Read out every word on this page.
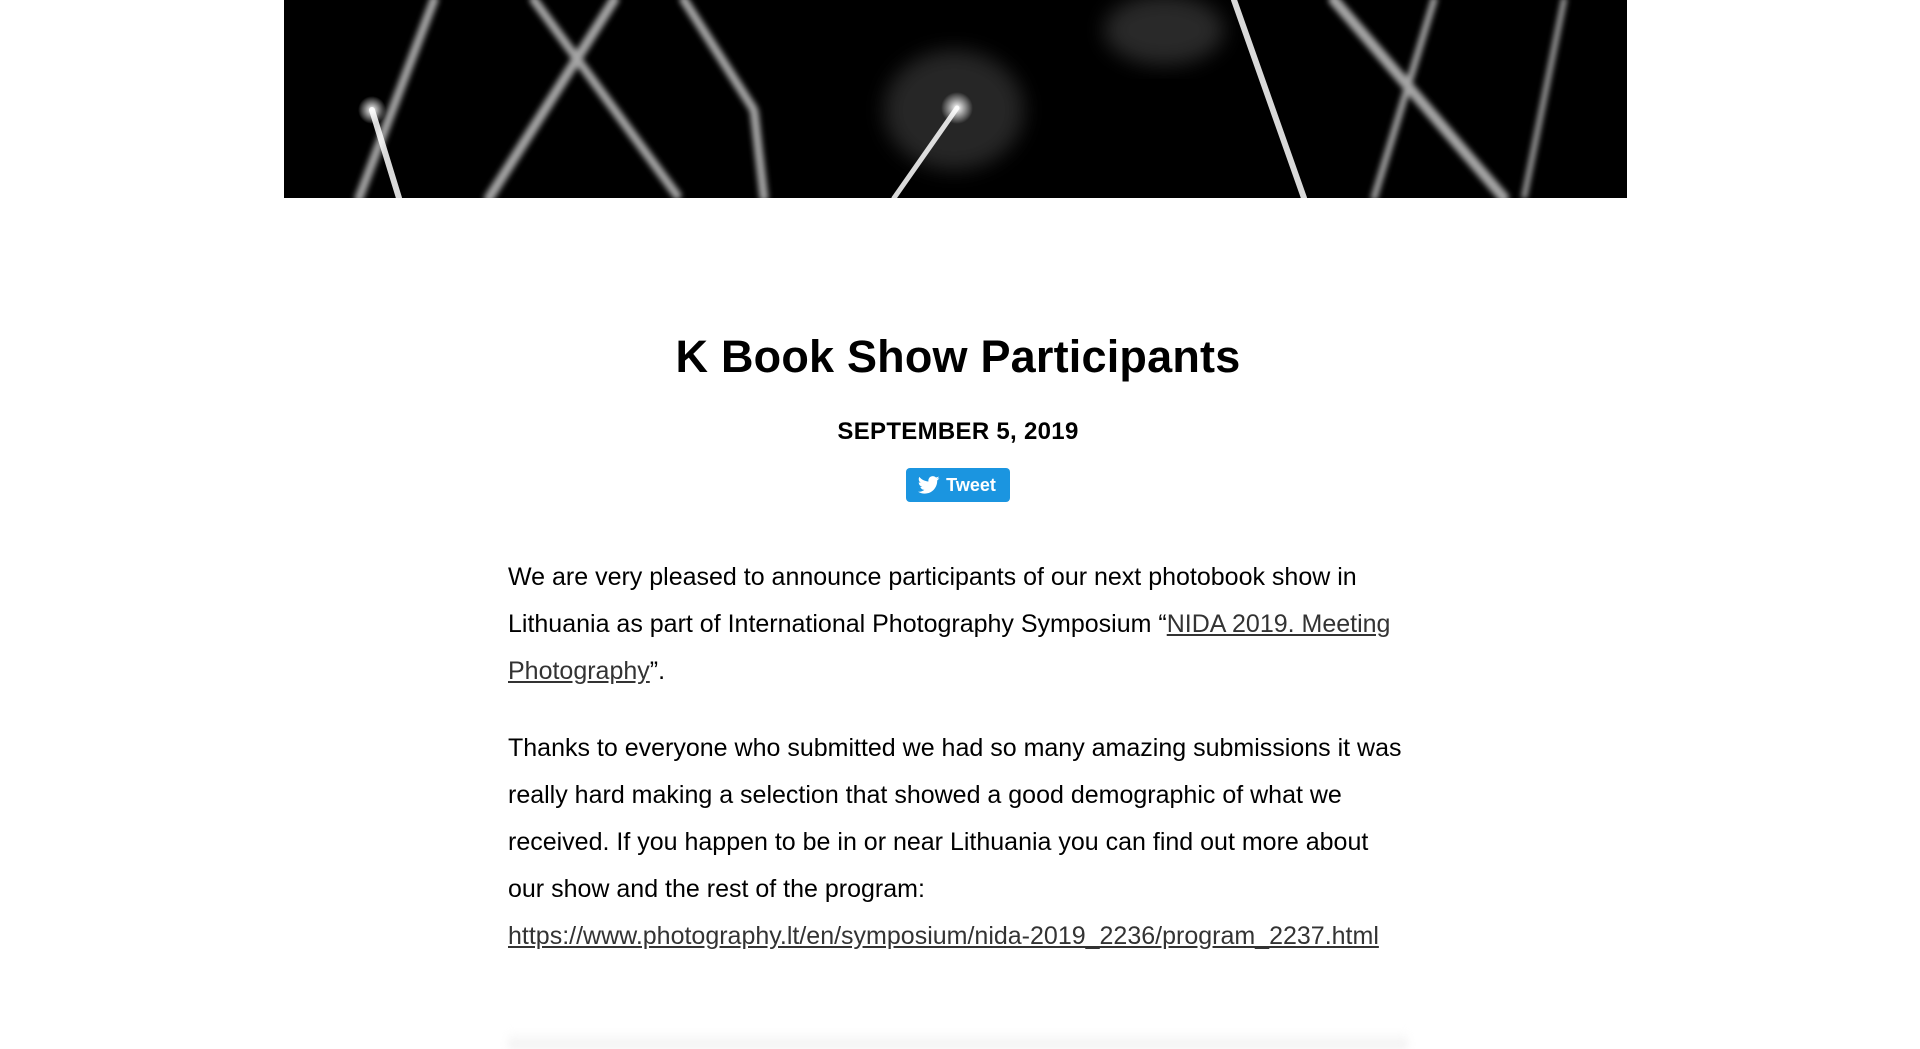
K Book Show Participants
SEPTEMBER 5, 2019
Tweet

We are very pleased to announce participants of our next photobook show in Lithuania as part of International Photography Symposium “NIDA 2019. Meeting Photography”.

Thanks to everyone who submitted we had so many amazing submissions it was really hard making a selection that showed a good demographic of what we received. If you happen to be in or near Lithuania you can find out more about our show and the rest of the program: https://www.photography.lt/en/symposium/nida-2019_2236/program_2237.html
